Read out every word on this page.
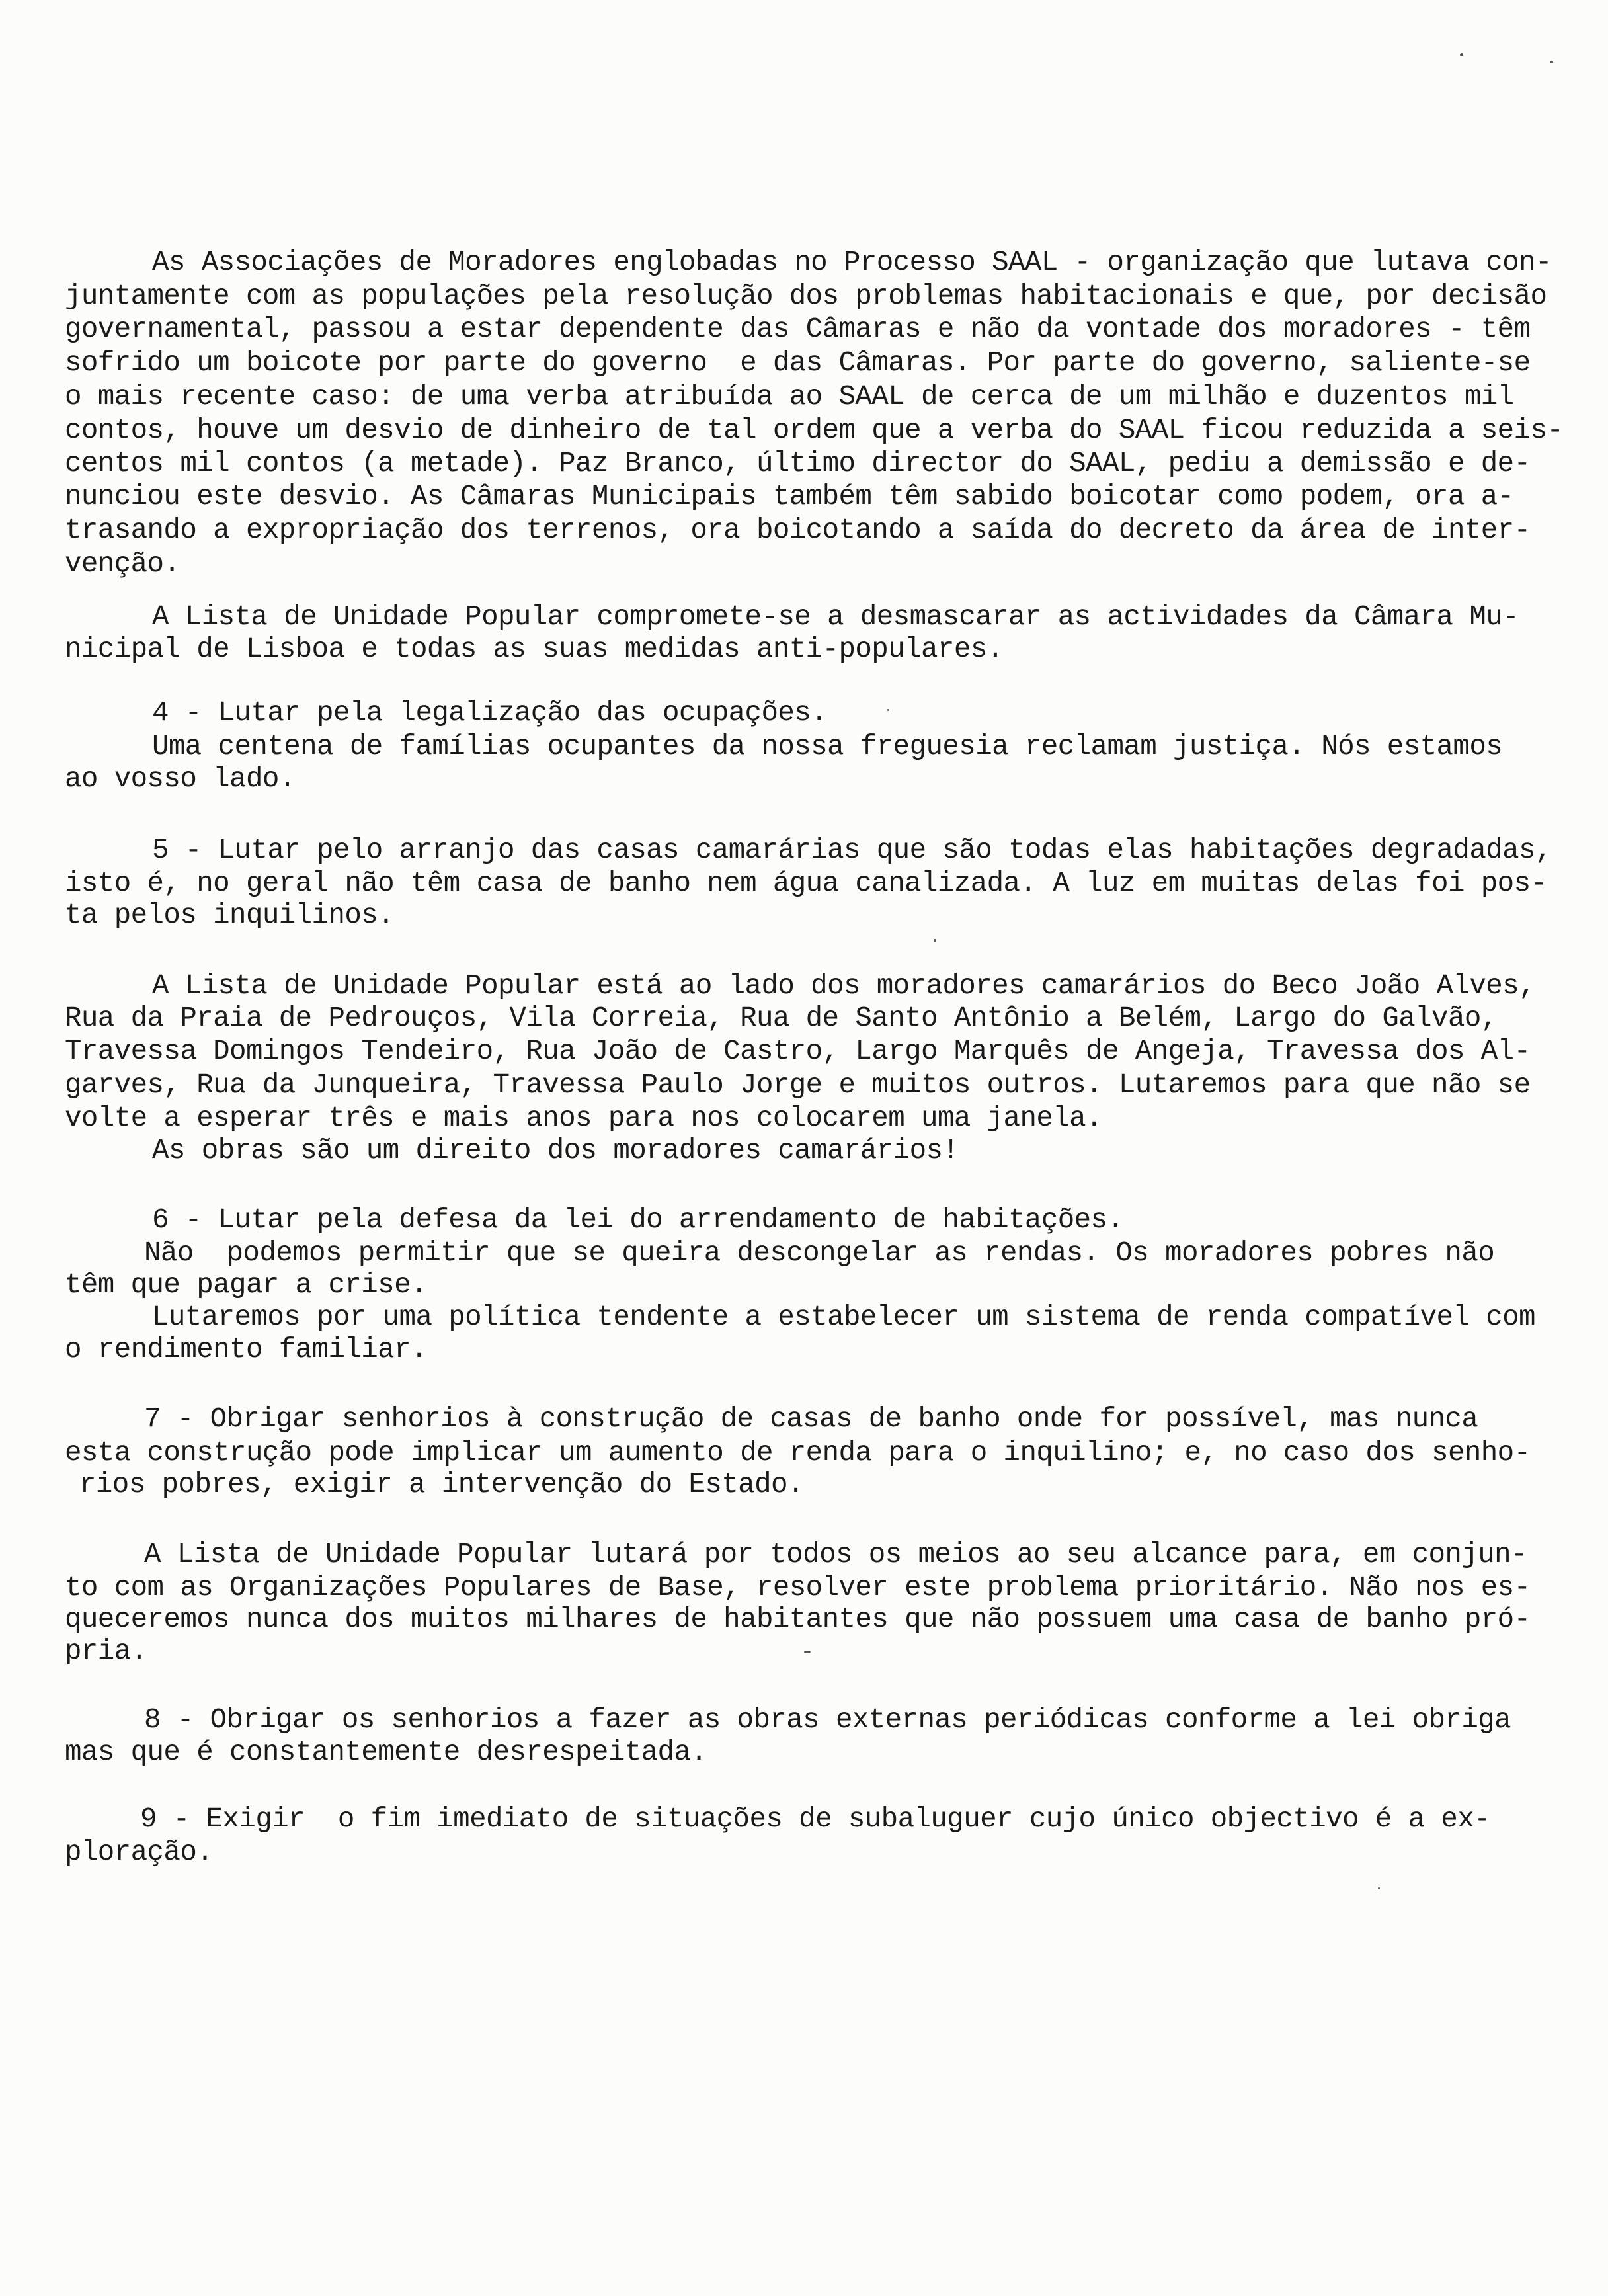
As Associações de Moradores englobadas no Processo SAAL - organização que lutava con-
juntamente com as populações pela resolução dos problemas habitacionais e que, por decisão
governamental, passou a estar dependente das Câmaras e não da vontade dos moradores - têm
sofrido um boicote por parte do governo  e das Câmaras. Por parte do governo, saliente-se
o mais recente caso: de uma verba atribuída ao SAAL de cerca de um milhão e duzentos mil
contos, houve um desvio de dinheiro de tal ordem que a verba do SAAL ficou reduzida a seis-
centos mil contos (a metade). Paz Branco, último director do SAAL, pediu a demissão e de-
nunciou este desvio. As Câmaras Municipais também têm sabido boicotar como podem, ora a-
trasando a expropriação dos terrenos, ora boicotando a saída do decreto da área de inter-
venção.
A Lista de Unidade Popular compromete-se a desmascarar as actividades da Câmara Mu-
nicipal de Lisboa e todas as suas medidas anti-populares.
4 - Lutar pela legalização das ocupações.
Uma centena de famílias ocupantes da nossa freguesia reclamam justiça. Nós estamos
ao vosso lado.
5 - Lutar pelo arranjo das casas camarárias que são todas elas habitações degradadas,
isto é, no geral não têm casa de banho nem água canalizada. A luz em muitas delas foi pos-
ta pelos inquilinos.
A Lista de Unidade Popular está ao lado dos moradores camarários do Beco João Alves,
Rua da Praia de Pedrouços, Vila Correia, Rua de Santo Antônio a Belém, Largo do Galvão,
Travessa Domingos Tendeiro, Rua João de Castro, Largo Marquês de Angeja, Travessa dos Al-
garves, Rua da Junqueira, Travessa Paulo Jorge e muitos outros. Lutaremos para que não se
volte a esperar três e mais anos para nos colocarem uma janela.
As obras são um direito dos moradores camarários!
6 - Lutar pela defesa da lei do arrendamento de habitações.
Não  podemos permitir que se queira descongelar as rendas. Os moradores pobres não
têm que pagar a crise.
Lutaremos por uma política tendente a estabelecer um sistema de renda compatível com
o rendimento familiar.
7 - Obrigar senhorios à construção de casas de banho onde for possível, mas nunca
esta construção pode implicar um aumento de renda para o inquilino; e, no caso dos senho-
rios pobres, exigir a intervenção do Estado.
A Lista de Unidade Popular lutará por todos os meios ao seu alcance para, em conjun-
to com as Organizações Populares de Base, resolver este problema prioritário. Não nos es-
queceremos nunca dos muitos milhares de habitantes que não possuem uma casa de banho pró-
pria.
8 - Obrigar os senhorios a fazer as obras externas periódicas conforme a lei obriga
mas que é constantemente desrespeitada.
9 - Exigir  o fim imediato de situações de subaluguer cujo único objectivo é a ex-
ploração.
